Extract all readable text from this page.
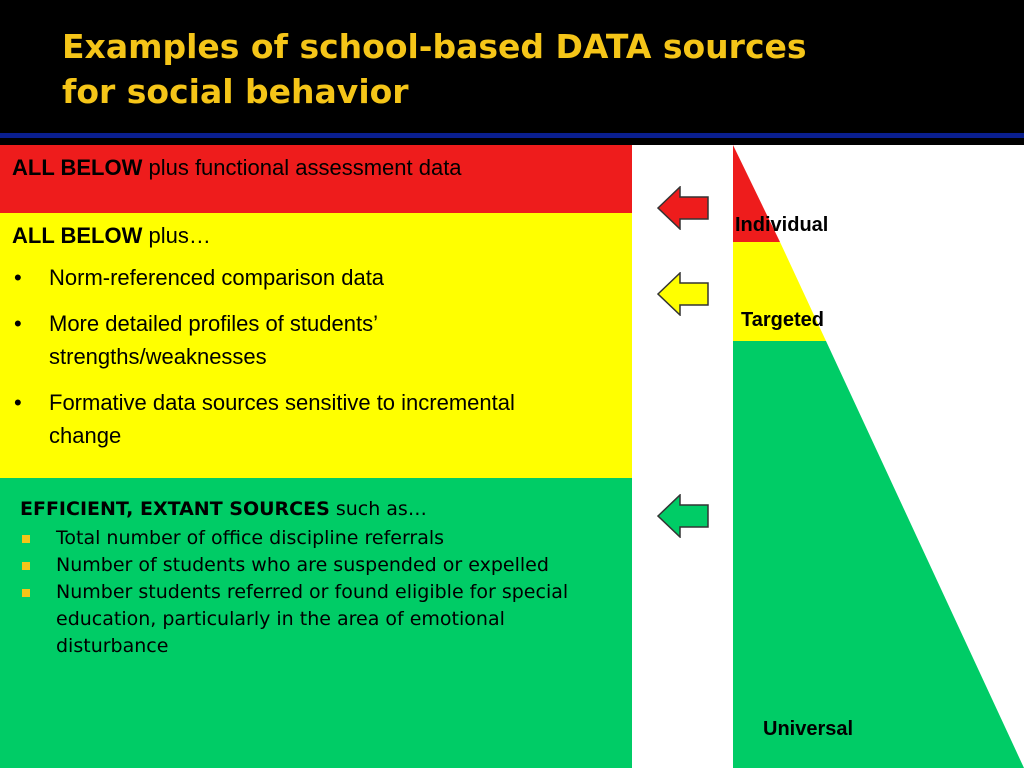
Examples of school-based DATA sources
for social behavior
ALL BELOW plus functional assessment data
ALL BELOW plus…
• Norm-referenced comparison data
• More detailed profiles of students’ strengths/weaknesses
• Formative data sources sensitive to incremental change
EFFICIENT, EXTANT SOURCES such as…
Total number of office discipline referrals
Number of students who are suspended or expelled
Number students referred or found eligible for special education, particularly in the area of emotional disturbance

Individual

Targeted

Universal
